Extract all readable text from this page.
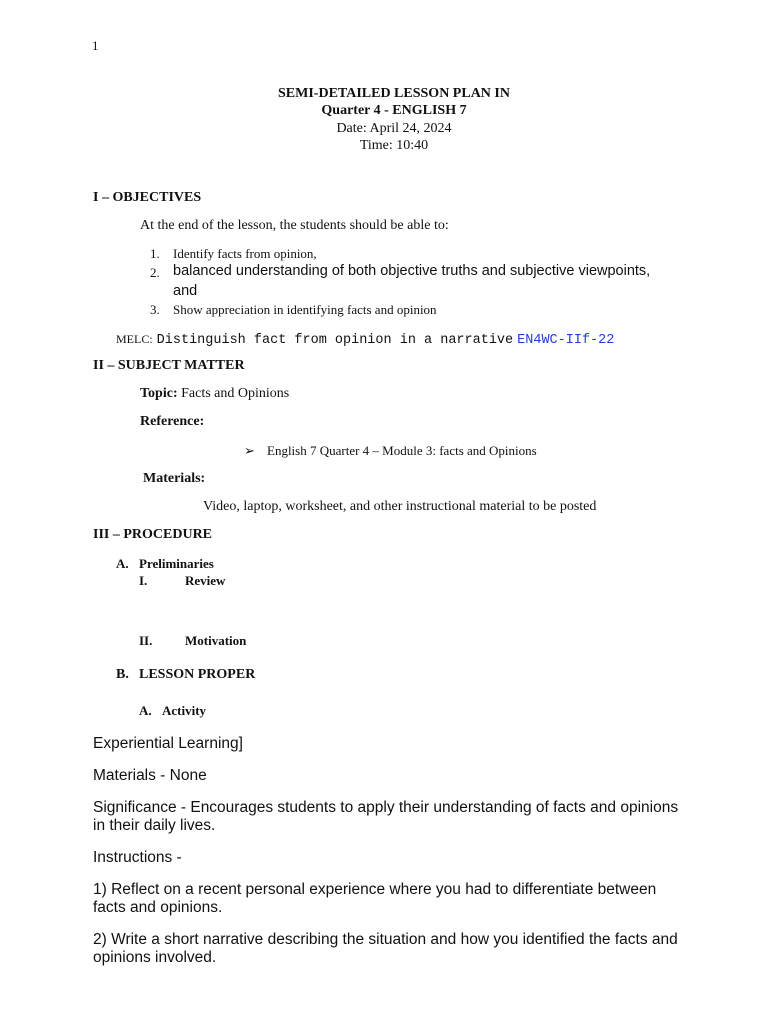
1
SEMI-DETAILED LESSON PLAN IN
Quarter 4 - ENGLISH 7
Date: April 24, 2024
Time: 10:40
I – OBJECTIVES
At the end of the lesson, the students should be able to:
1. Identify facts from opinion,
2. balanced understanding of both objective truths and subjective viewpoints,
and
3. Show appreciation in identifying facts and opinion
MELC: Distinguish fact from opinion in a narrative EN4WC-IIf-22
II – SUBJECT MATTER
Topic: Facts and Opinions
Reference:
➢ English 7 Quarter 4 – Module 3: facts and Opinions
Materials:
Video, laptop, worksheet, and other instructional material to be posted
III – PROCEDURE
A. Preliminaries
I.	Review
II.	Motivation
B. LESSON PROPER
A. Activity
Experiential Learning]
Materials - None
Significance - Encourages students to apply their understanding of facts and opinions in their daily lives.
Instructions -
1) Reflect on a recent personal experience where you had to differentiate between facts and opinions.
2) Write a short narrative describing the situation and how you identified the facts and opinions involved.
